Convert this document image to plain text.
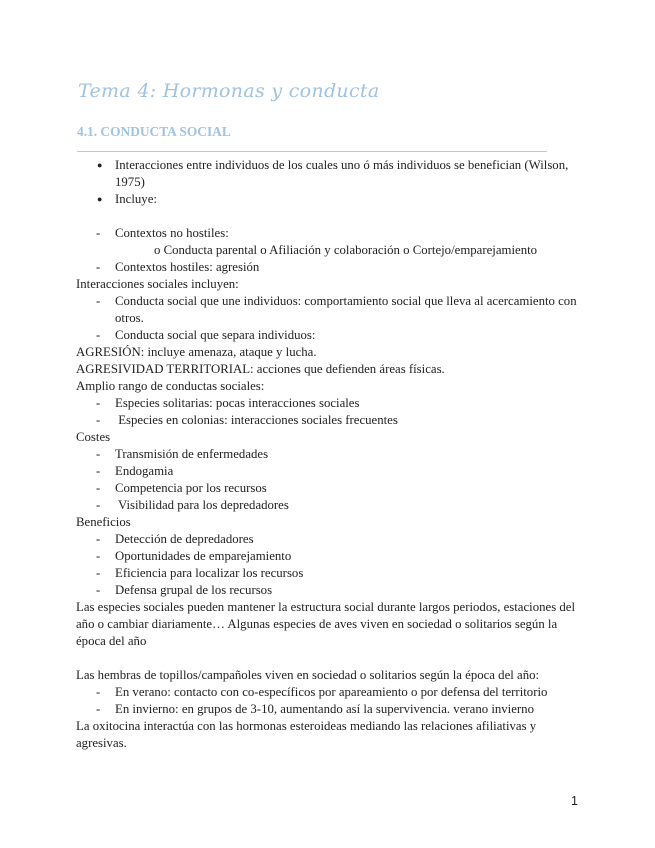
Tema 4: Hormonas y conducta
4.1. CONDUCTA SOCIAL

● Interacciones entre individuos de los cuales uno ó más individuos se benefician (Wilson, 1975)

● Incluye:

- Contextos no hostiles:

o Conducta parental o Afiliación y colaboración o Cortejo/emparejamiento

- Contextos hostiles: agresión

Interacciones sociales incluyen:

- Conducta social que une individuos: comportamiento social que lleva al acercamiento con otros.

- Conducta social que separa individuos:

AGRESIÓN: incluye amenaza, ataque y lucha.

AGRESIVIDAD TERRITORIAL: acciones que defienden áreas físicas.

Amplio rango de conductas sociales:

- Especies solitarias: pocas interacciones sociales

- Especies en colonias: interacciones sociales frecuentes

Costes

- Transmisión de enfermedades

- Endogamia

- Competencia por los recursos

- Visibilidad para los depredadores

Beneficios

- Detección de depredadores

- Oportunidades de emparejamiento

- Eficiencia para localizar los recursos

- Defensa grupal de los recursos

Las especies sociales pueden mantener la estructura social durante largos periodos, estaciones del año o cambiar diariamente… Algunas especies de aves viven en sociedad o solitarios según la época del año

Las hembras de topillos/campañoles viven en sociedad o solitarios según la época del año:

- En verano: contacto con co-específicos por apareamiento o por defensa del territorio

- En invierno: en grupos de 3-10, aumentando así la supervivencia. verano invierno

La oxitocina interactúa con las hormonas esteroideas mediando las relaciones afiliativas y agresivas.

1
